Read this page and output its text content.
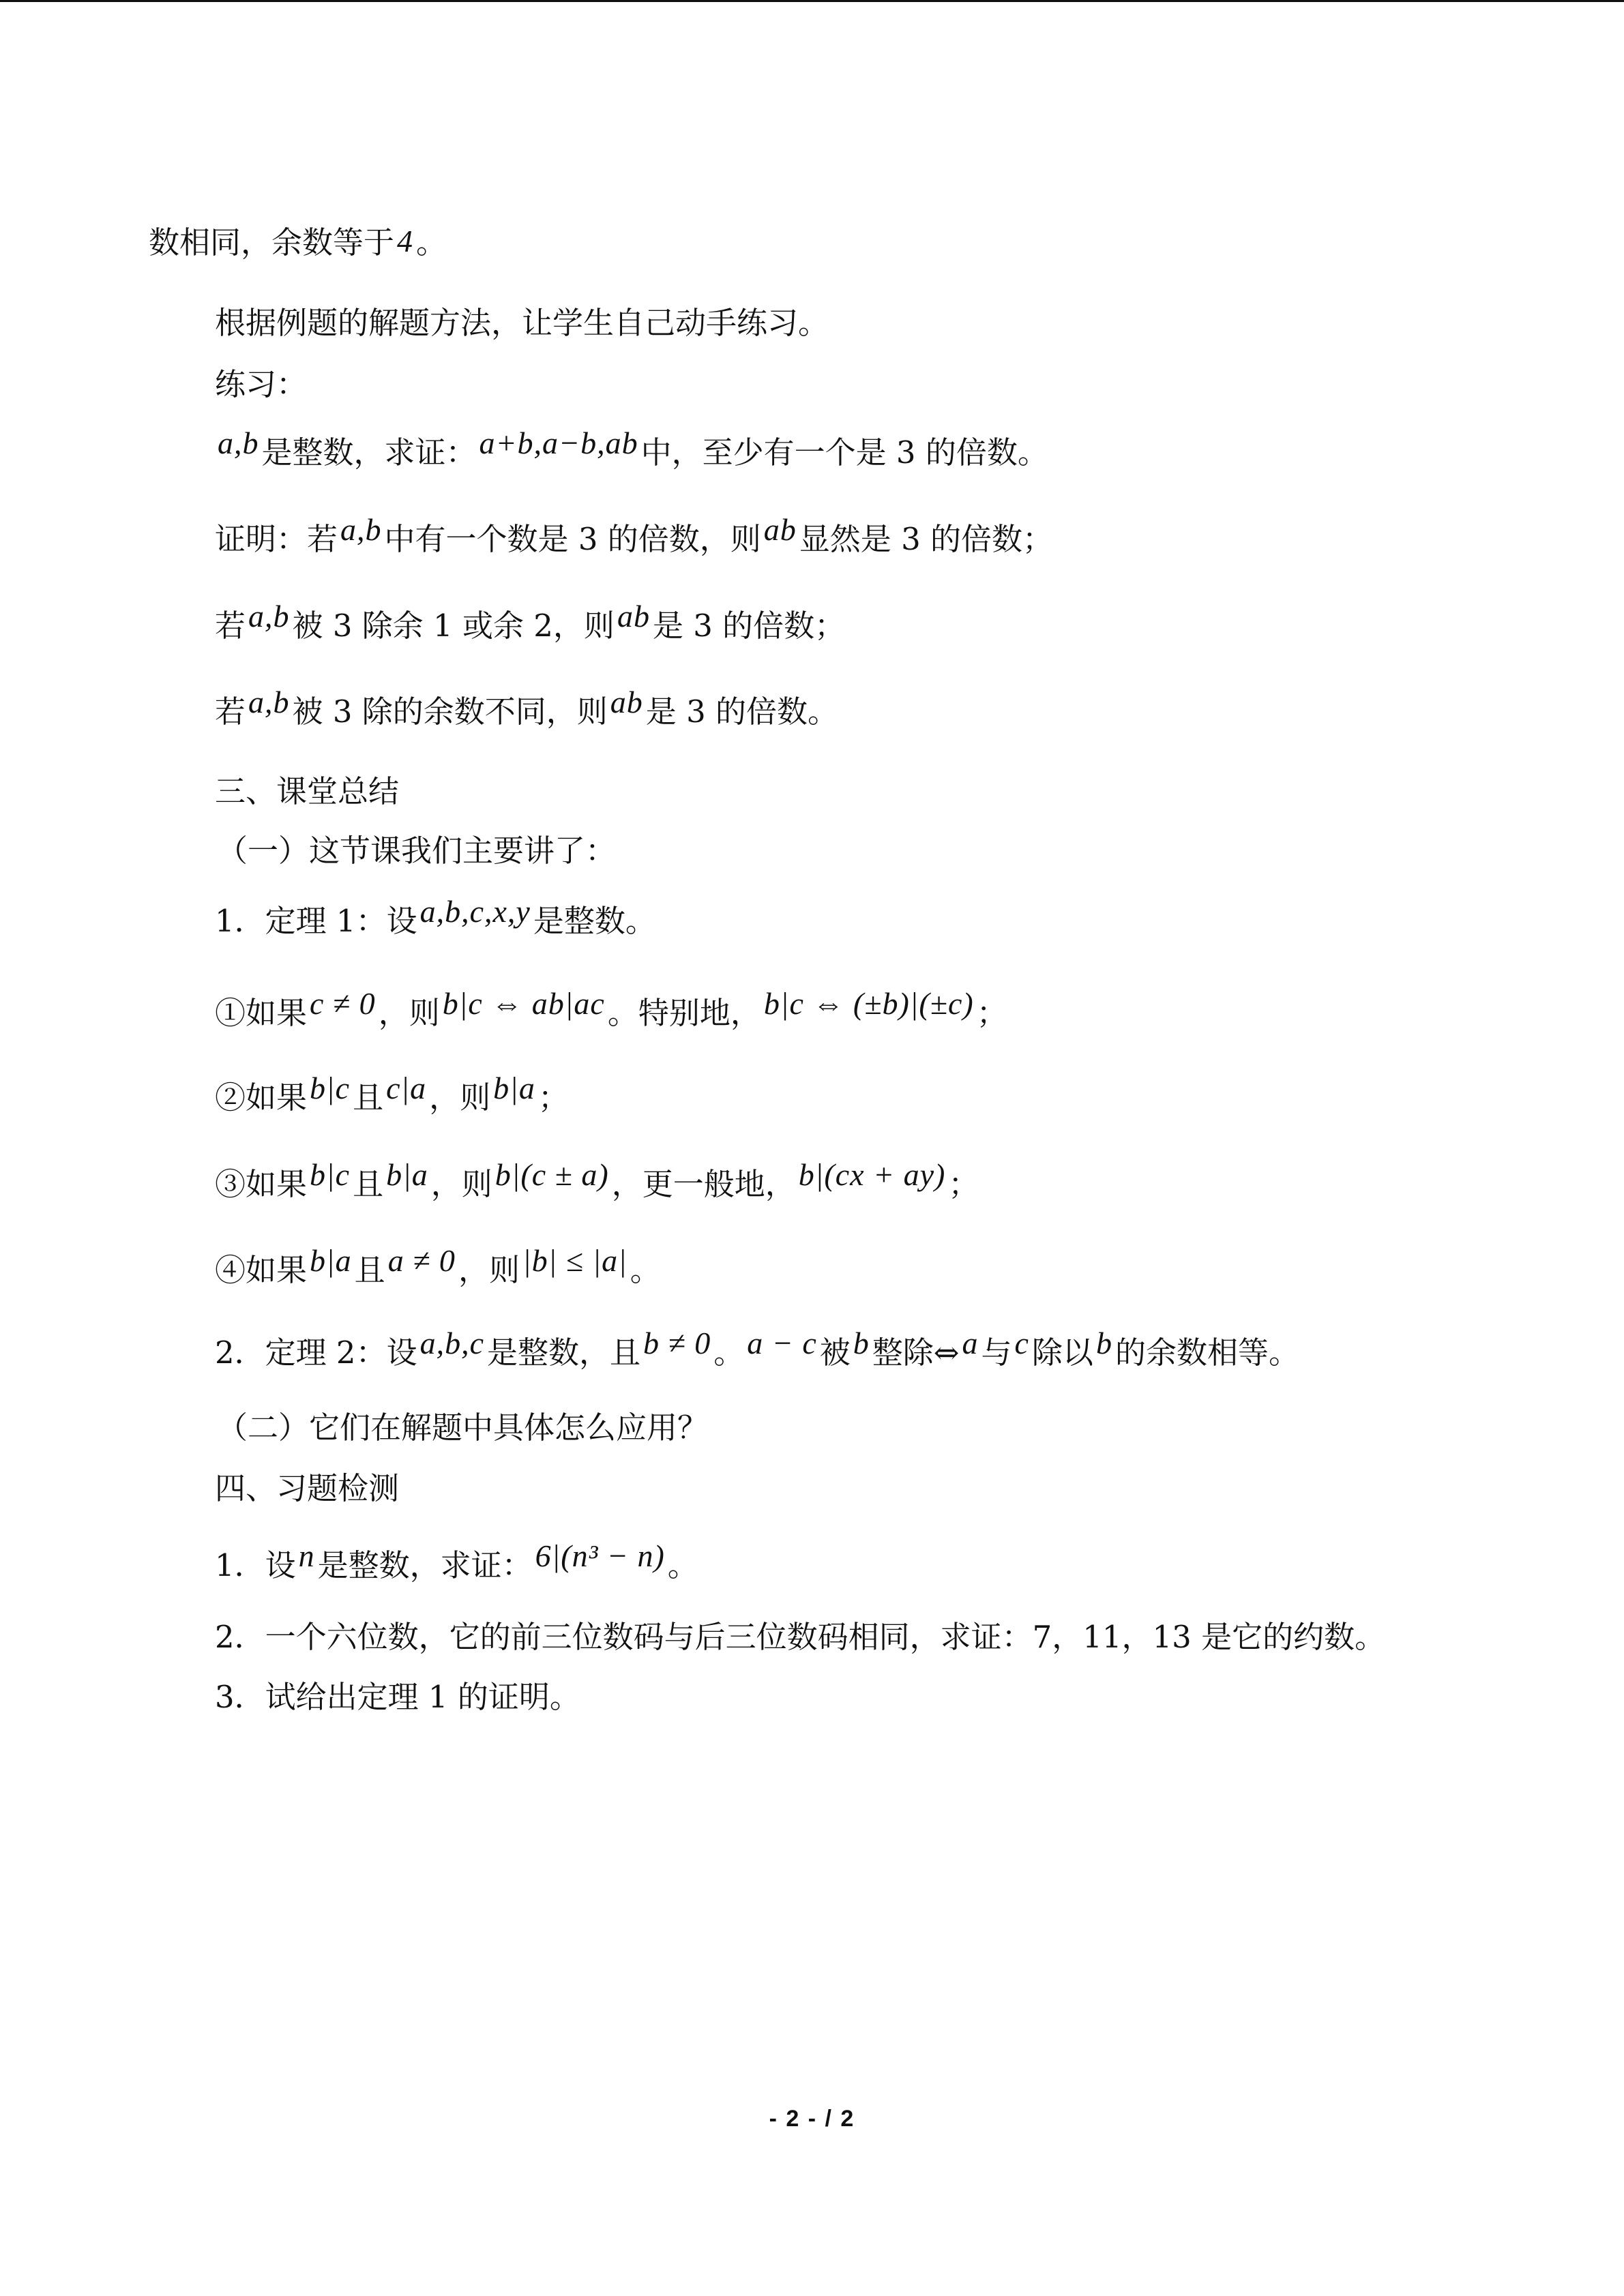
数相同，余数等于4。
根据例题的解题方法，让学生自己动手练习。
练习：
a,b是整数，求证：a+b,a−b,ab中，至少有一个是 3 的倍数。
证明：若a,b中有一个数是 3 的倍数，则ab显然是 3 的倍数；
若a,b被 3 除余 1 或余 2，则ab是 3 的倍数；
若a,b被 3 除的余数不同，则ab是 3 的倍数。
三、课堂总结
（一）这节课我们主要讲了：
1．定理 1：设a,b,c,x,y是整数。
①如果c ≠ 0，则b|c ⇔ ab|ac。特别地，b|c ⇔ (±b)|(±c)；
②如果b|c且c|a，则b|a；
③如果b|c且b|a，则b|(c ± a)，更一般地，b|(cx + ay)；
④如果b|a且a ≠ 0，则|b| ≤ |a|。
2．定理 2：设a,b,c是整数，且b ≠ 0。a − c被b整除⇔a与c除以b的余数相等。
（二）它们在解题中具体怎么应用？
四、习题检测
1．设n是整数，求证：6|(n³ − n)。
2．一个六位数，它的前三位数码与后三位数码相同，求证：7，11，13 是它的约数。
3．试给出定理 1 的证明。
- 2 - / 2
